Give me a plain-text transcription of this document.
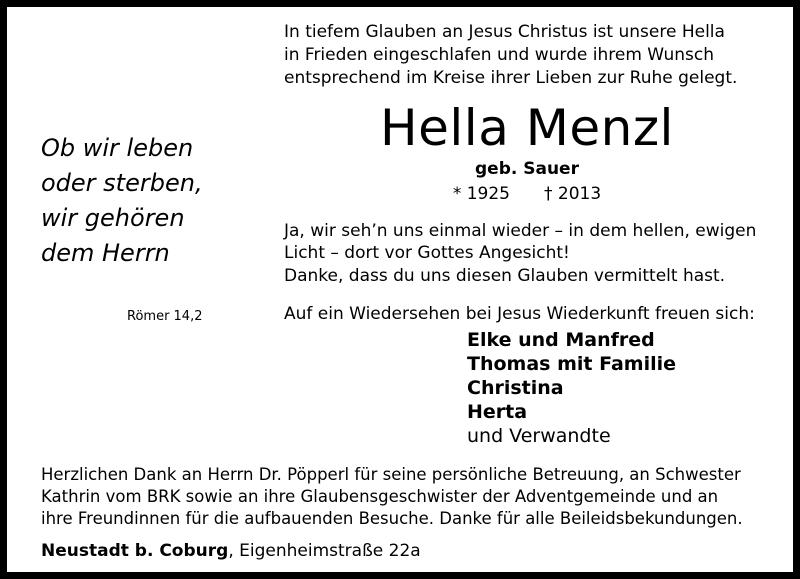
In tiefem Glauben an Jesus Christus ist unsere Hella
in Frieden eingeschlafen und wurde ihrem Wunsch
entsprechend im Kreise ihrer Lieben zur Ruhe gelegt.
Hella Menzl
geb. Sauer
* 1925 † 2013
Ob wir leben
oder sterben,
wir gehören
dem Herrn
Römer 14,2
Ja, wir seh’n uns einmal wieder – in dem hellen, ewigen
Licht – dort vor Gottes Angesicht!
Danke, dass du uns diesen Glauben vermittelt hast.
Auf ein Wiedersehen bei Jesus Wiederkunft freuen sich:
Elke und Manfred
Thomas mit Familie
Christina
Herta
und Verwandte
Herzlichen Dank an Herrn Dr. Pöpperl für seine persönliche Betreuung, an Schwester
Kathrin vom BRK sowie an ihre Glaubensgeschwister der Adventgemeinde und an
ihre Freundinnen für die aufbauenden Besuche. Danke für alle Beileidsbekundungen.
Neustadt b. Coburg, Eigenheimstraße 22a
